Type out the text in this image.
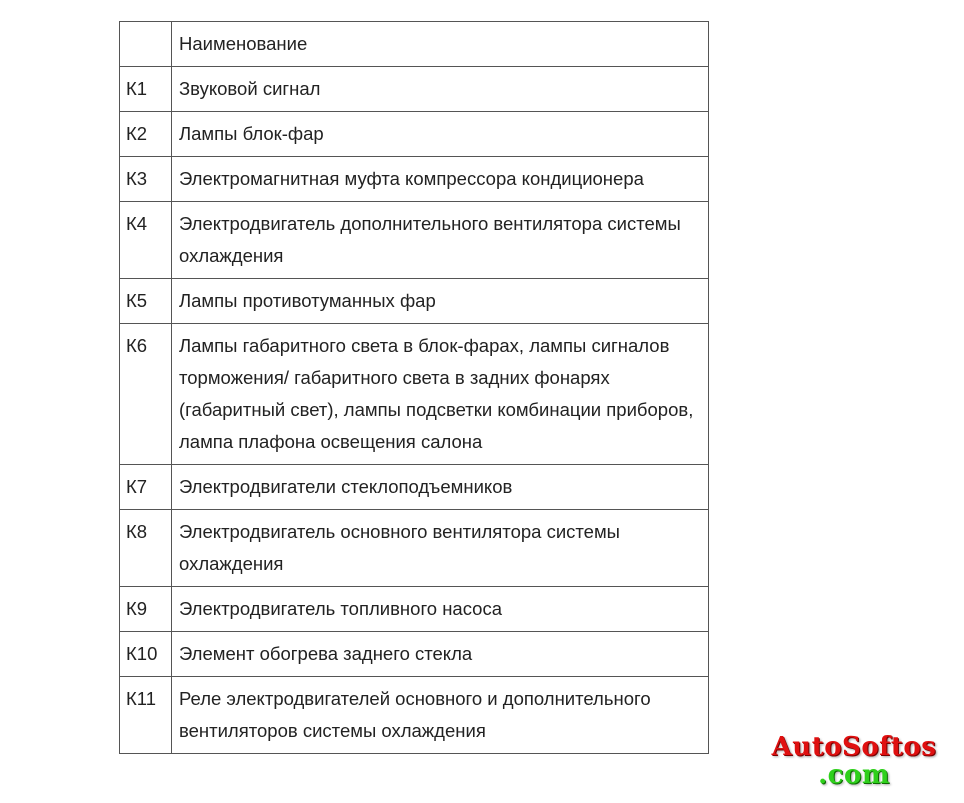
	Наименование
К1	Звуковой сигнал
К2	Лампы блок-фар
К3	Электромагнитная муфта компрессора кондиционера
К4	Электродвигатель дополнительного вентилятора системы охлаждения
К5	Лампы противотуманных фар
К6	Лампы габаритного света в блок-фарах, лампы сигналов торможения/ габаритного света в задних фонарях (габаритный свет), лампы подсветки комбинации приборов, лампа плафона освещения салона
К7	Электродвигатели стеклоподъемников
К8	Электродвигатель основного вентилятора системы охлаждения
К9	Электродвигатель топливного насоса
К10	Элемент обогрева заднего стекла
К11	Реле электродвигателей основного и дополнительного вентиляторов системы охлаждения
AutoSoftos
.com
